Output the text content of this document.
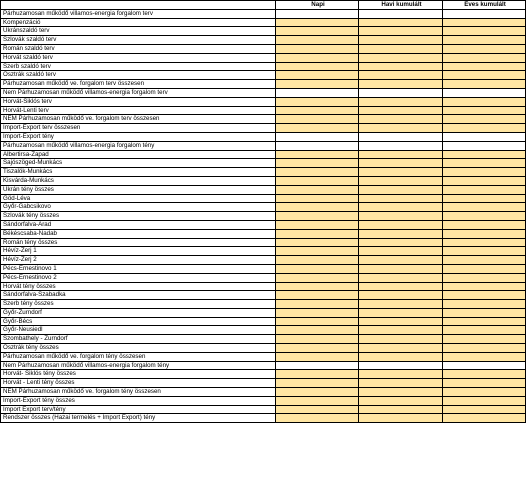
	Napi	Havi kumulált	Éves kumulált
Párhuzamosan működő villamos-energia forgalom terv			
Kompenzáció			
Ukránszaldó terv			
Szlovák szaldó terv			
Román szaldó terv			
Horvát szaldó terv			
Szerb szaldó terv			
Osztrák szaldó terv			
Párhuzamosan működő ve. forgalom terv összesen			
Nem Párhuzamosan működő villamos-energia forgalom terv			
Horvát-Siklós terv			
Horvát-Lenti terv			
NEM Párhuzamosan működő ve. forgalom terv összesen			
Import-Export terv összesen			
Import-Export tény			
Párhuzamosan működő villamos-energia forgalom tény			
Albertirsa-Zapad			
Sajószöged-Munkács			
Tiszalök-Munkács			
Kisvárda-Munkács			
Ukrán tény összes			
Göd-Léva			
Győr-Gabcsikovo			
Szlovák tény összes			
Sándorfalva-Arad			
Békéscsaba-Nadab			
Román tény összes			
Hévíz-Zerj 1			
Hévíz-Zerj 2			
Pécs-Ernestinovo 1			
Pécs-Ernestinovo 2			
Horvát tény összes			
Sándorfalva-Szabadka			
Szerb tény összes			
Győr-Zurndorf			
Győr-Bécs			
Győr-Neusiedl			
Szombathely - Zurndorf			
Osztrák tény összes			
Párhuzamosan működő ve. forgalom tény összesen			
Nem Párhuzamosan működő villamos-energia forgalom tény			
Horvát- Siklós tény összes			
Horvát - Lenti tény összes			
NEM Párhuzamosan működő ve. forgalom tény összesen			
Import-Export tény összes			
Import Export terv/tény			
Rendszer összes (Hazai termelés + Import Export) tény			
